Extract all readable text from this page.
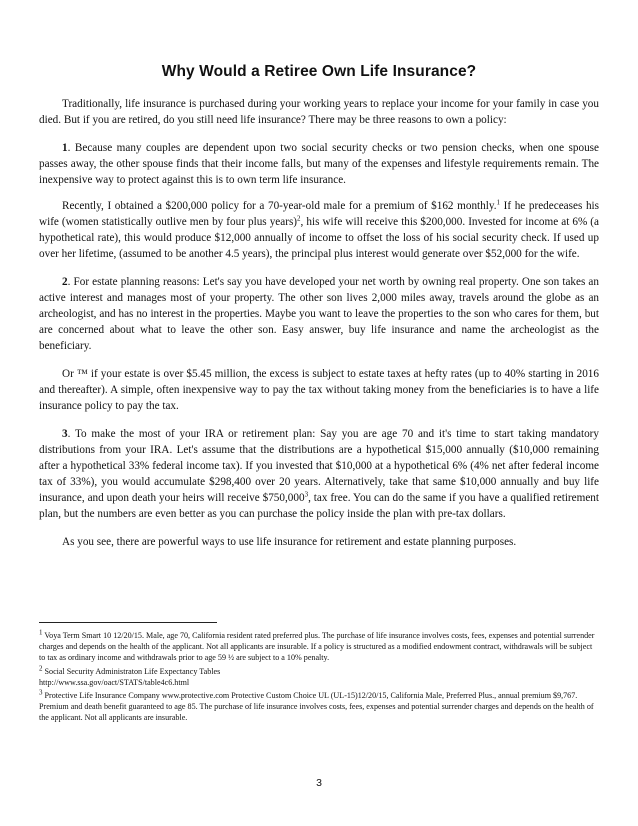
Why Would a Retiree Own Life Insurance?

Traditionally, life insurance is purchased during your working years to replace your income for your family in case you died. But if you are retired, do you still need life insurance? There may be three reasons to own a policy:

1. Because many couples are dependent upon two social security checks or two pension checks, when one spouse passes away, the other spouse finds that their income falls, but many of the expenses and lifestyle requirements remain. The inexpensive way to protect against this is to own term life insurance.

Recently, I obtained a $200,000 policy for a 70-year-old male for a premium of $162 monthly.$^1$ If he predeceases his wife (women statistically outlive men by four plus years)$^2$, his wife will receive this $200,000. Invested for income at 6% (a hypothetical rate), this would produce $12,000 annually of income to offset the loss of his social security check. If used up over her lifetime, (assumed to be another 4.5 years), the principal plus interest would generate over $52,000 for the wife.

2. For estate planning reasons: Let's say you have developed your net worth by owning real property. One son takes an active interest and manages most of your property. The other son lives 2,000 miles away, travels around the globe as an archeologist, and has no interest in the properties. Maybe you want to leave the properties to the son who cares for them, but are concerned about what to leave the other son. Easy answer, buy life insurance and name the archeologist as the beneficiary.

Or ™ if your estate is over $5.45 million, the excess is subject to estate taxes at hefty rates (up to 40% starting in 2016 and thereafter). A simple, often inexpensive way to pay the tax without taking money from the beneficiaries is to have a life insurance policy to pay the tax.

3. To make the most of your IRA or retirement plan: Say you are age 70 and it's time to start taking mandatory distributions from your IRA. Let's assume that the distributions are a hypothetical $15,000 annually ($10,000 remaining after a hypothetical 33% federal income tax). If you invested that $10,000 at a hypothetical 6% (4% net after federal income tax of 33%), you would accumulate $298,400 over 20 years. Alternatively, take that same $10,000 annually and buy life insurance, and upon death your heirs will receive $750,000$^3$, tax free. You can do the same if you have a qualified retirement plan, but the numbers are even better as you can purchase the policy inside the plan with pre-tax dollars.

As you see, there are powerful ways to use life insurance for retirement and estate planning purposes.

$^1$ Voya Term Smart 10 12/20/15. Male, age 70, California resident rated preferred plus. The purchase of life insurance involves costs, fees, expenses and potential surrender charges and depends on the health of the applicant. Not all applicants are insurable. If a policy is structured as a modified endowment contract, withdrawals will be subject to tax as ordinary income and withdrawals prior to age 59 ½ are subject to a 10% penalty.
$^2$ Social Security Administraton Life Expectancy Tables
http://www.ssa.gov/oact/STATS/table4c6.html
$^3$ Protective Life Insurance Company www.protective.com Protective Custom Choice UL (UL-15)12/20/15, California Male, Preferred Plus., annual premium $9,767. Premium and death benefit guaranteed to age 85. The purchase of life insurance involves costs, fees, expenses and potential surrender charges and depends on the health of the applicant. Not all applicants are insurable.
3
